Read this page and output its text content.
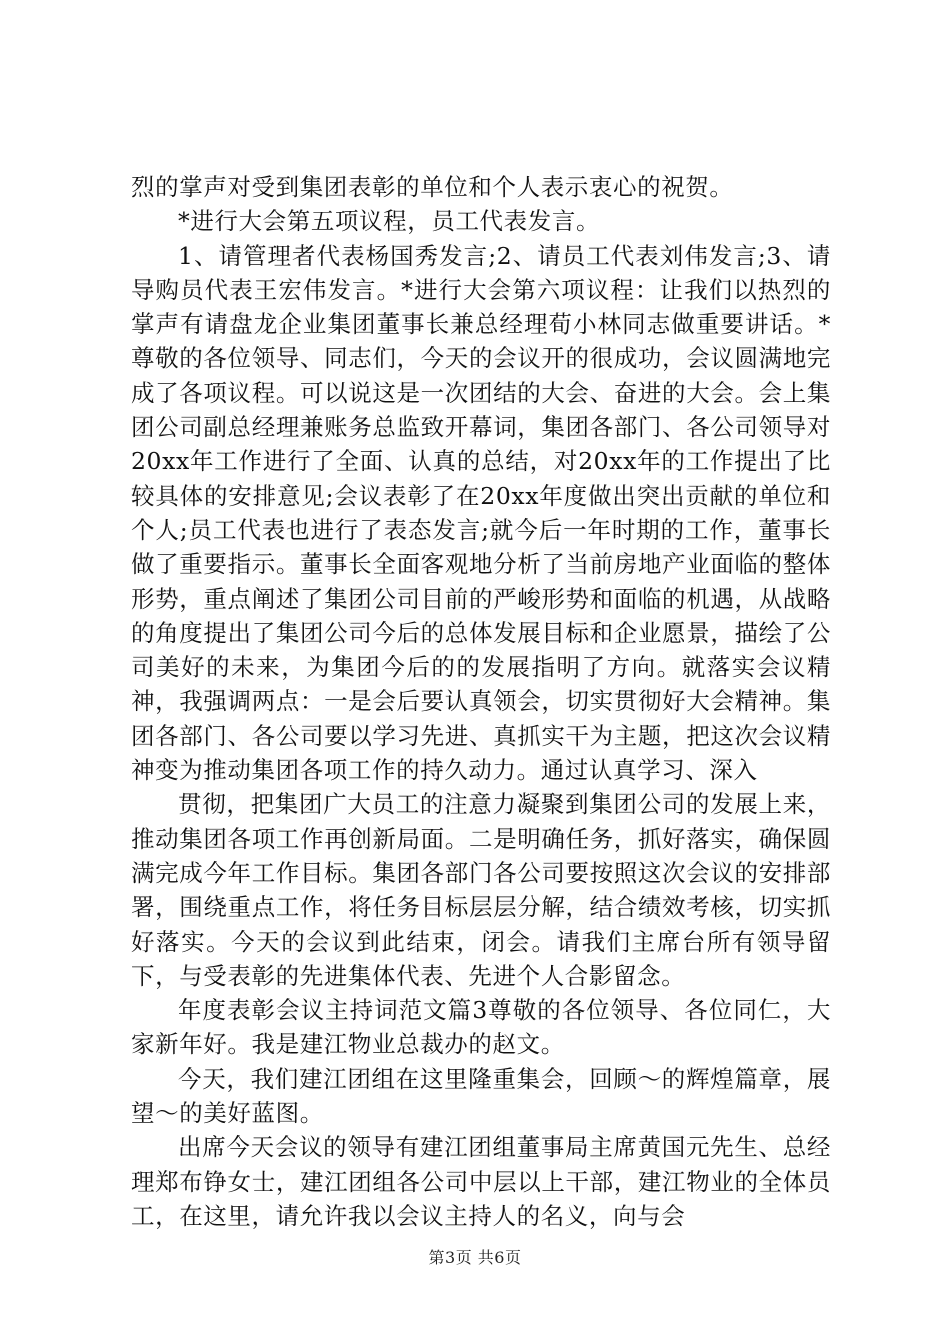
烈的掌声对受到集团表彰的单位和个人表示衷心的祝贺。

*进行大会第五项议程，员工代表发言。

1、请管理者代表杨国秀发言;2、请员工代表刘伟发言;3、请导购员代表王宏伟发言。*进行大会第六项议程：让我们以热烈的掌声有请盘龙企业集团董事长兼总经理荀小林同志做重要讲话。*尊敬的各位领导、同志们，今天的会议开的很成功，会议圆满地完成了各项议程。可以说这是一次团结的大会、奋进的大会。会上集团公司副总经理兼账务总监致开幕词，集团各部门、各公司领导对20xx年工作进行了全面、认真的总结，对20xx年的工作提出了比较具体的安排意见;会议表彰了在20xx年度做出突出贡献的单位和个人;员工代表也进行了表态发言;就今后一年时期的工作，董事长做了重要指示。董事长全面客观地分析了当前房地产业面临的整体形势，重点阐述了集团公司目前的严峻形势和面临的机遇，从战略的角度提出了集团公司今后的总体发展目标和企业愿景，描绘了公司美好的未来，为集团今后的的发展指明了方向。就落实会议精神，我强调两点：一是会后要认真领会，切实贯彻好大会精神。集团各部门、各公司要以学习先进、真抓实干为主题，把这次会议精神变为推动集团各项工作的持久动力。通过认真学习、深入

贯彻，把集团广大员工的注意力凝聚到集团公司的发展上来，推动集团各项工作再创新局面。二是明确任务，抓好落实，确保圆满完成今年工作目标。集团各部门各公司要按照这次会议的安排部署，围绕重点工作，将任务目标层层分解，结合绩效考核，切实抓好落实。今天的会议到此结束，闭会。请我们主席台所有领导留下，与受表彰的先进集体代表、先进个人合影留念。

年度表彰会议主持词范文篇3尊敬的各位领导、各位同仁，大家新年好。我是建江物业总裁办的赵文。

今天，我们建江团组在这里隆重集会，回顾～的辉煌篇章，展望～的美好蓝图。

出席今天会议的领导有建江团组董事局主席黄国元先生、总经理郑布铮女士，建江团组各公司中层以上干部，建江物业的全体员工，在这里，请允许我以会议主持人的名义，向与会

第3页 共6页
